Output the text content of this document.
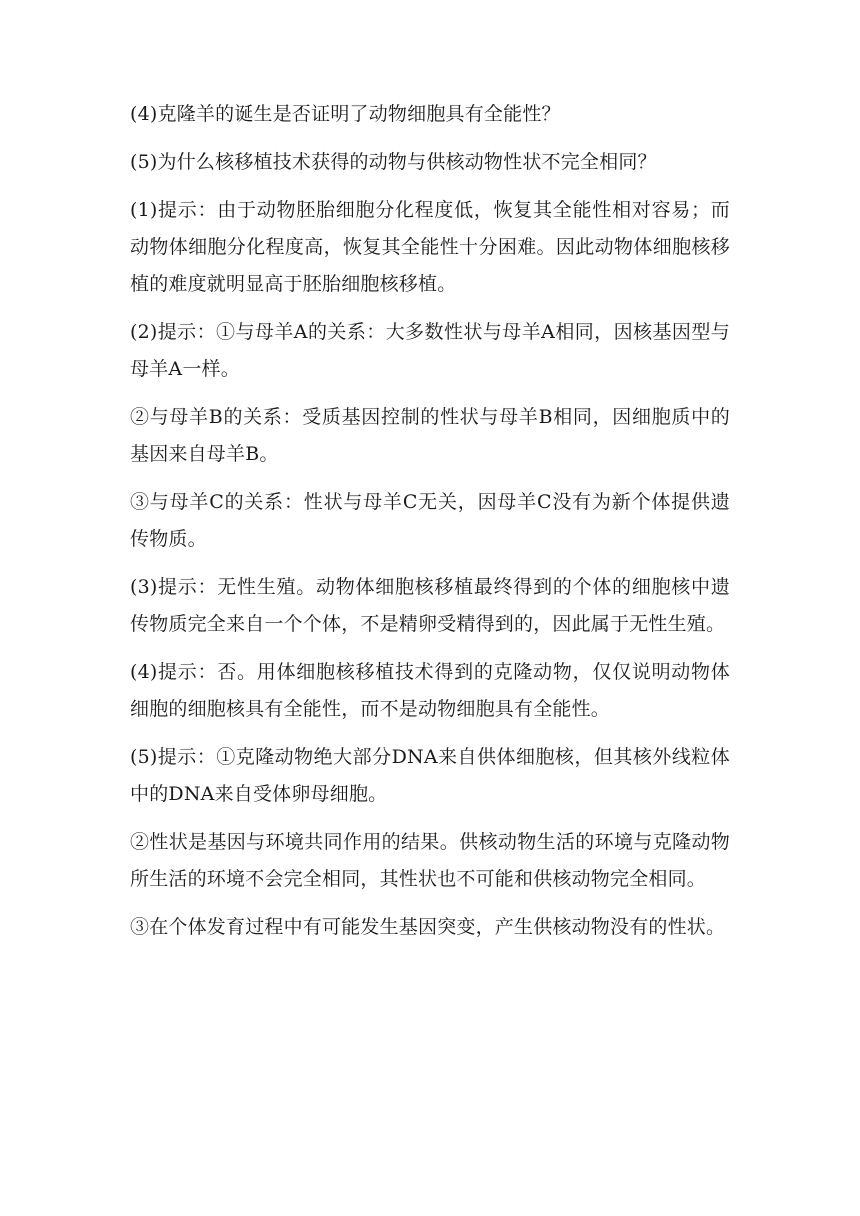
(4)克隆羊的诞生是否证明了动物细胞具有全能性？

(5)为什么核移植技术获得的动物与供核动物性状不完全相同？

(1)提示：由于动物胚胎细胞分化程度低，恢复其全能性相对容易；而动物体细胞分化程度高，恢复其全能性十分困难。因此动物体细胞核移植的难度就明显高于胚胎细胞核移植。

(2)提示：①与母羊A的关系：大多数性状与母羊A相同，因核基因型与母羊A一样。

②与母羊B的关系：受质基因控制的性状与母羊B相同，因细胞质中的基因来自母羊B。

③与母羊C的关系：性状与母羊C无关，因母羊C没有为新个体提供遗传物质。

(3)提示：无性生殖。动物体细胞核移植最终得到的个体的细胞核中遗传物质完全来自一个个体，不是精卵受精得到的，因此属于无性生殖。

(4)提示：否。用体细胞核移植技术得到的克隆动物，仅仅说明动物体细胞的细胞核具有全能性，而不是动物细胞具有全能性。

(5)提示：①克隆动物绝大部分DNA来自供体细胞核，但其核外线粒体中的DNA来自受体卵母细胞。

②性状是基因与环境共同作用的结果。供核动物生活的环境与克隆动物所生活的环境不会完全相同，其性状也不可能和供核动物完全相同。

③在个体发育过程中有可能发生基因突变，产生供核动物没有的性状。
